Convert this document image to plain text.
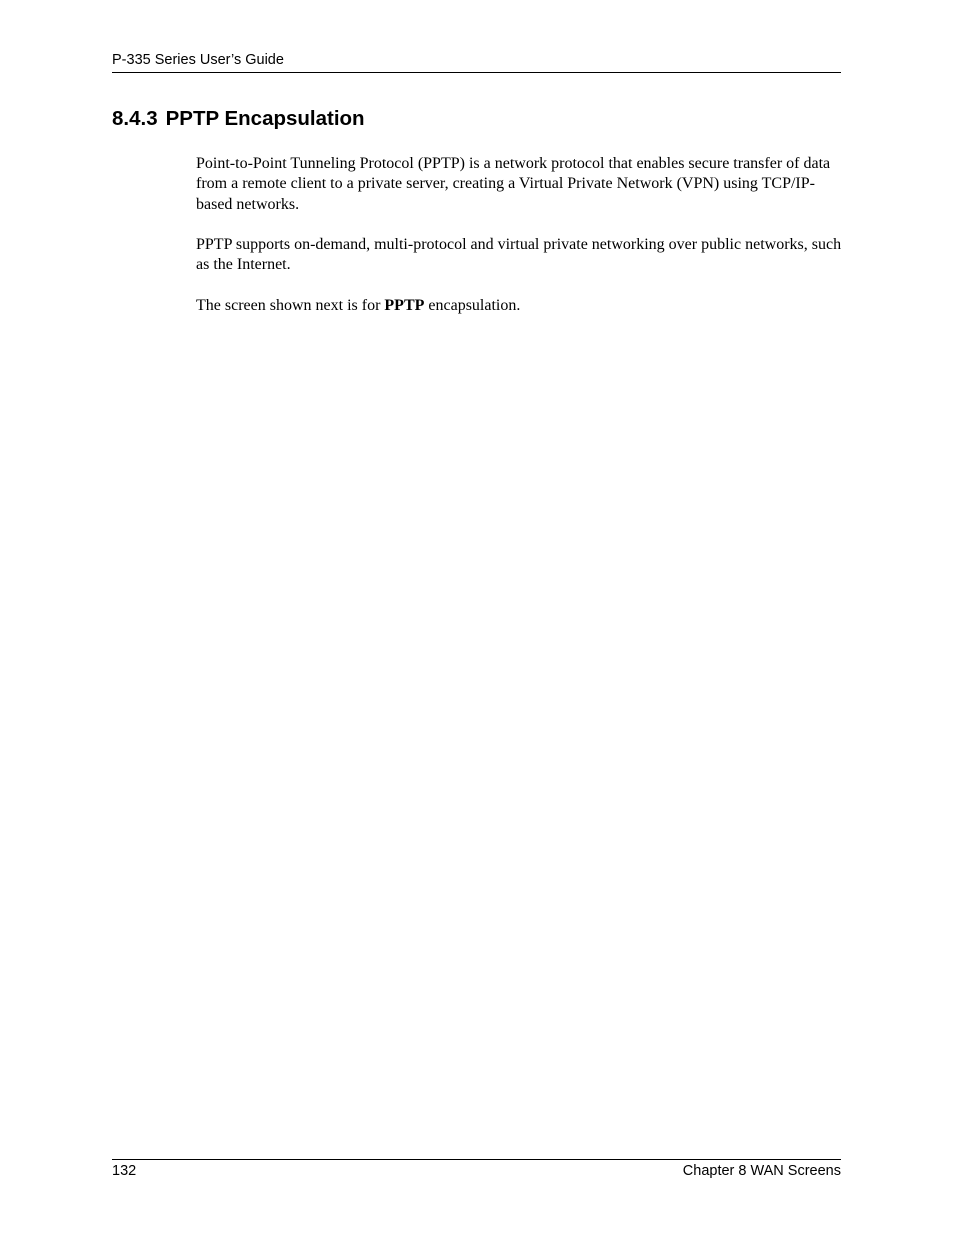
P-335 Series User’s Guide
8.4.3 PPTP Encapsulation

Point-to-Point Tunneling Protocol (PPTP) is a network protocol that enables secure transfer of data from a remote client to a private server, creating a Virtual Private Network (VPN) using TCP/IP-based networks.

PPTP supports on-demand, multi-protocol and virtual private networking over public networks, such as the Internet.

The screen shown next is for PPTP encapsulation.

132	Chapter 8 WAN Screens
